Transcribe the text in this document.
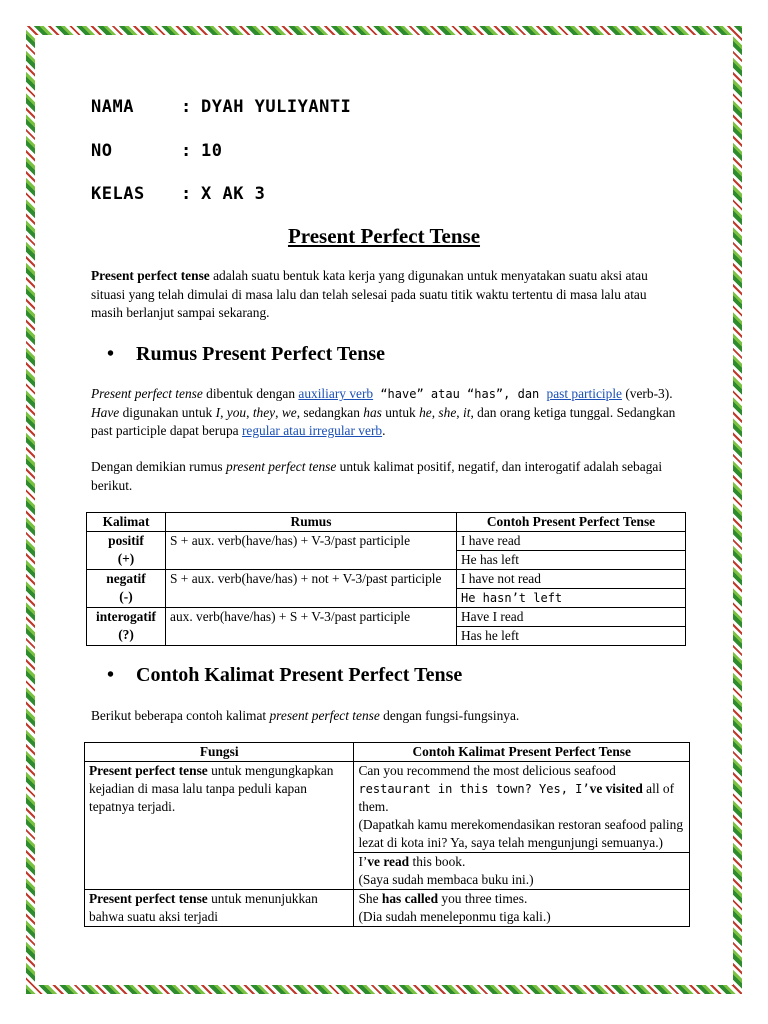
NAMA	: DYAH YULIYANTI
NO	: 10
KELAS : X AK 3
Present Perfect Tense
Present perfect tense adalah suatu bentuk kata kerja yang digunakan untuk menyatakan suatu aksi atau situasi yang telah dimulai di masa lalu dan telah selesai pada suatu titik waktu tertentu di masa lalu atau masih berlanjut sampai sekarang.
• Rumus Present Perfect Tense
Present perfect tense dibentuk dengan auxiliary verb “have” atau “has”, dan past participle (verb-3). Have digunakan untuk I, you, they, we, sedangkan has untuk he, she, it, dan orang ketiga tunggal. Sedangkan past participle dapat berupa regular atau irregular verb.
Dengan demikian rumus present perfect tense untuk kalimat positif, negatif, dan interogatif adalah sebagai berikut.
Kalimat	Rumus	Contoh Present Perfect Tense
positif
(+)	S + aux. verb(have/has) + V-3/past participle	I have read
		He has left
negatif
(-)	S + aux. verb(have/has) + not + V-3/past participle	I have not read
		He hasn’t left
interogatif
(?)	aux. verb(have/has) + S + V-3/past participle	Have I read
		Has he left
• Contoh Kalimat Present Perfect Tense
Berikut beberapa contoh kalimat present perfect tense dengan fungsi-fungsinya.
Fungsi	Contoh Kalimat Present Perfect Tense
Present perfect tense untuk mengungkapkan kejadian di masa lalu tanpa peduli kapan tepatnya terjadi.	Can you recommend the most delicious seafood restaurant in this town? Yes, I’ve visited all of them.
(Dapatkah kamu merekomendasikan restoran seafood paling lezat di kota ini? Ya, saya telah mengunjungi semuanya.)
	I’ve read this book.
(Saya sudah membaca buku ini.)
Present perfect tense untuk menunjukkan bahwa suatu aksi terjadi	She has called you three times.
(Dia sudah meneleponmu tiga kali.)
